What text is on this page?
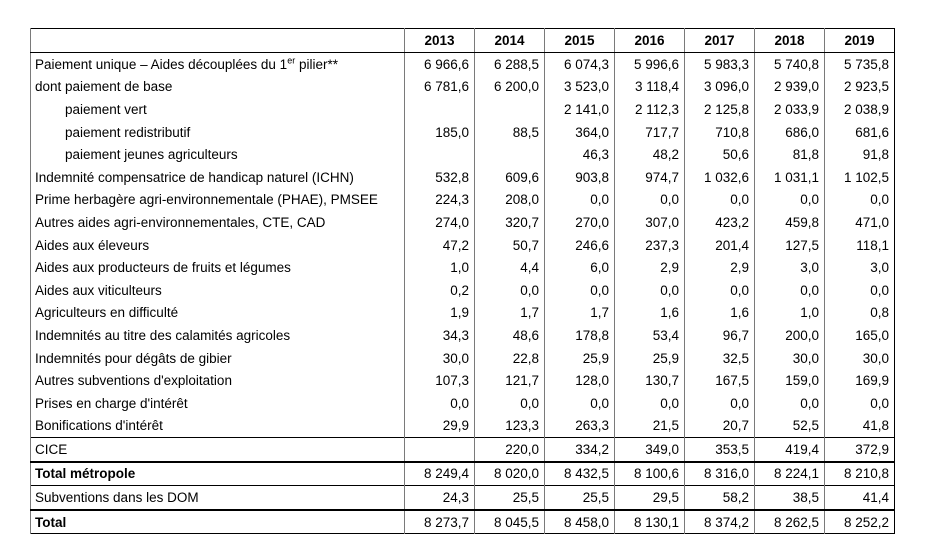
	2013	2014	2015	2016	2017	2018	2019
Paiement unique – Aides découplées du 1er pilier**	6 966,6	6 288,5	6 074,3	5 996,6	5 983,3	5 740,8	5 735,8
dont paiement de base	6 781,6	6 200,0	3 523,0	3 118,4	3 096,0	2 939,0	2 923,5
paiement vert			2 141,0	2 112,3	2 125,8	2 033,9	2 038,9
paiement redistributif	185,0	88,5	364,0	717,7	710,8	686,0	681,6
paiement jeunes agriculteurs			46,3	48,2	50,6	81,8	91,8
Indemnité compensatrice de handicap naturel (ICHN)	532,8	609,6	903,8	974,7	1 032,6	1 031,1	1 102,5
Prime herbagère agri-environnementale (PHAE), PMSEE	224,3	208,0	0,0	0,0	0,0	0,0	0,0
Autres aides agri-environnementales, CTE, CAD	274,0	320,7	270,0	307,0	423,2	459,8	471,0
Aides aux éleveurs	47,2	50,7	246,6	237,3	201,4	127,5	118,1
Aides aux producteurs de fruits et légumes	1,0	4,4	6,0	2,9	2,9	3,0	3,0
Aides aux viticulteurs	0,2	0,0	0,0	0,0	0,0	0,0	0,0
Agriculteurs en difficulté	1,9	1,7	1,7	1,6	1,6	1,0	0,8
Indemnités au titre des calamités agricoles	34,3	48,6	178,8	53,4	96,7	200,0	165,0
Indemnités pour dégâts de gibier	30,0	22,8	25,9	25,9	32,5	30,0	30,0
Autres subventions d'exploitation	107,3	121,7	128,0	130,7	167,5	159,0	169,9
Prises en charge d'intérêt	0,0	0,0	0,0	0,0	0,0	0,0	0,0
Bonifications d'intérêt	29,9	123,3	263,3	21,5	20,7	52,5	41,8
CICE		220,0	334,2	349,0	353,5	419,4	372,9
Total métropole	8 249,4	8 020,0	8 432,5	8 100,6	8 316,0	8 224,1	8 210,8
Subventions dans les DOM	24,3	25,5	25,5	29,5	58,2	38,5	41,4
Total	8 273,7	8 045,5	8 458,0	8 130,1	8 374,2	8 262,5	8 252,2
